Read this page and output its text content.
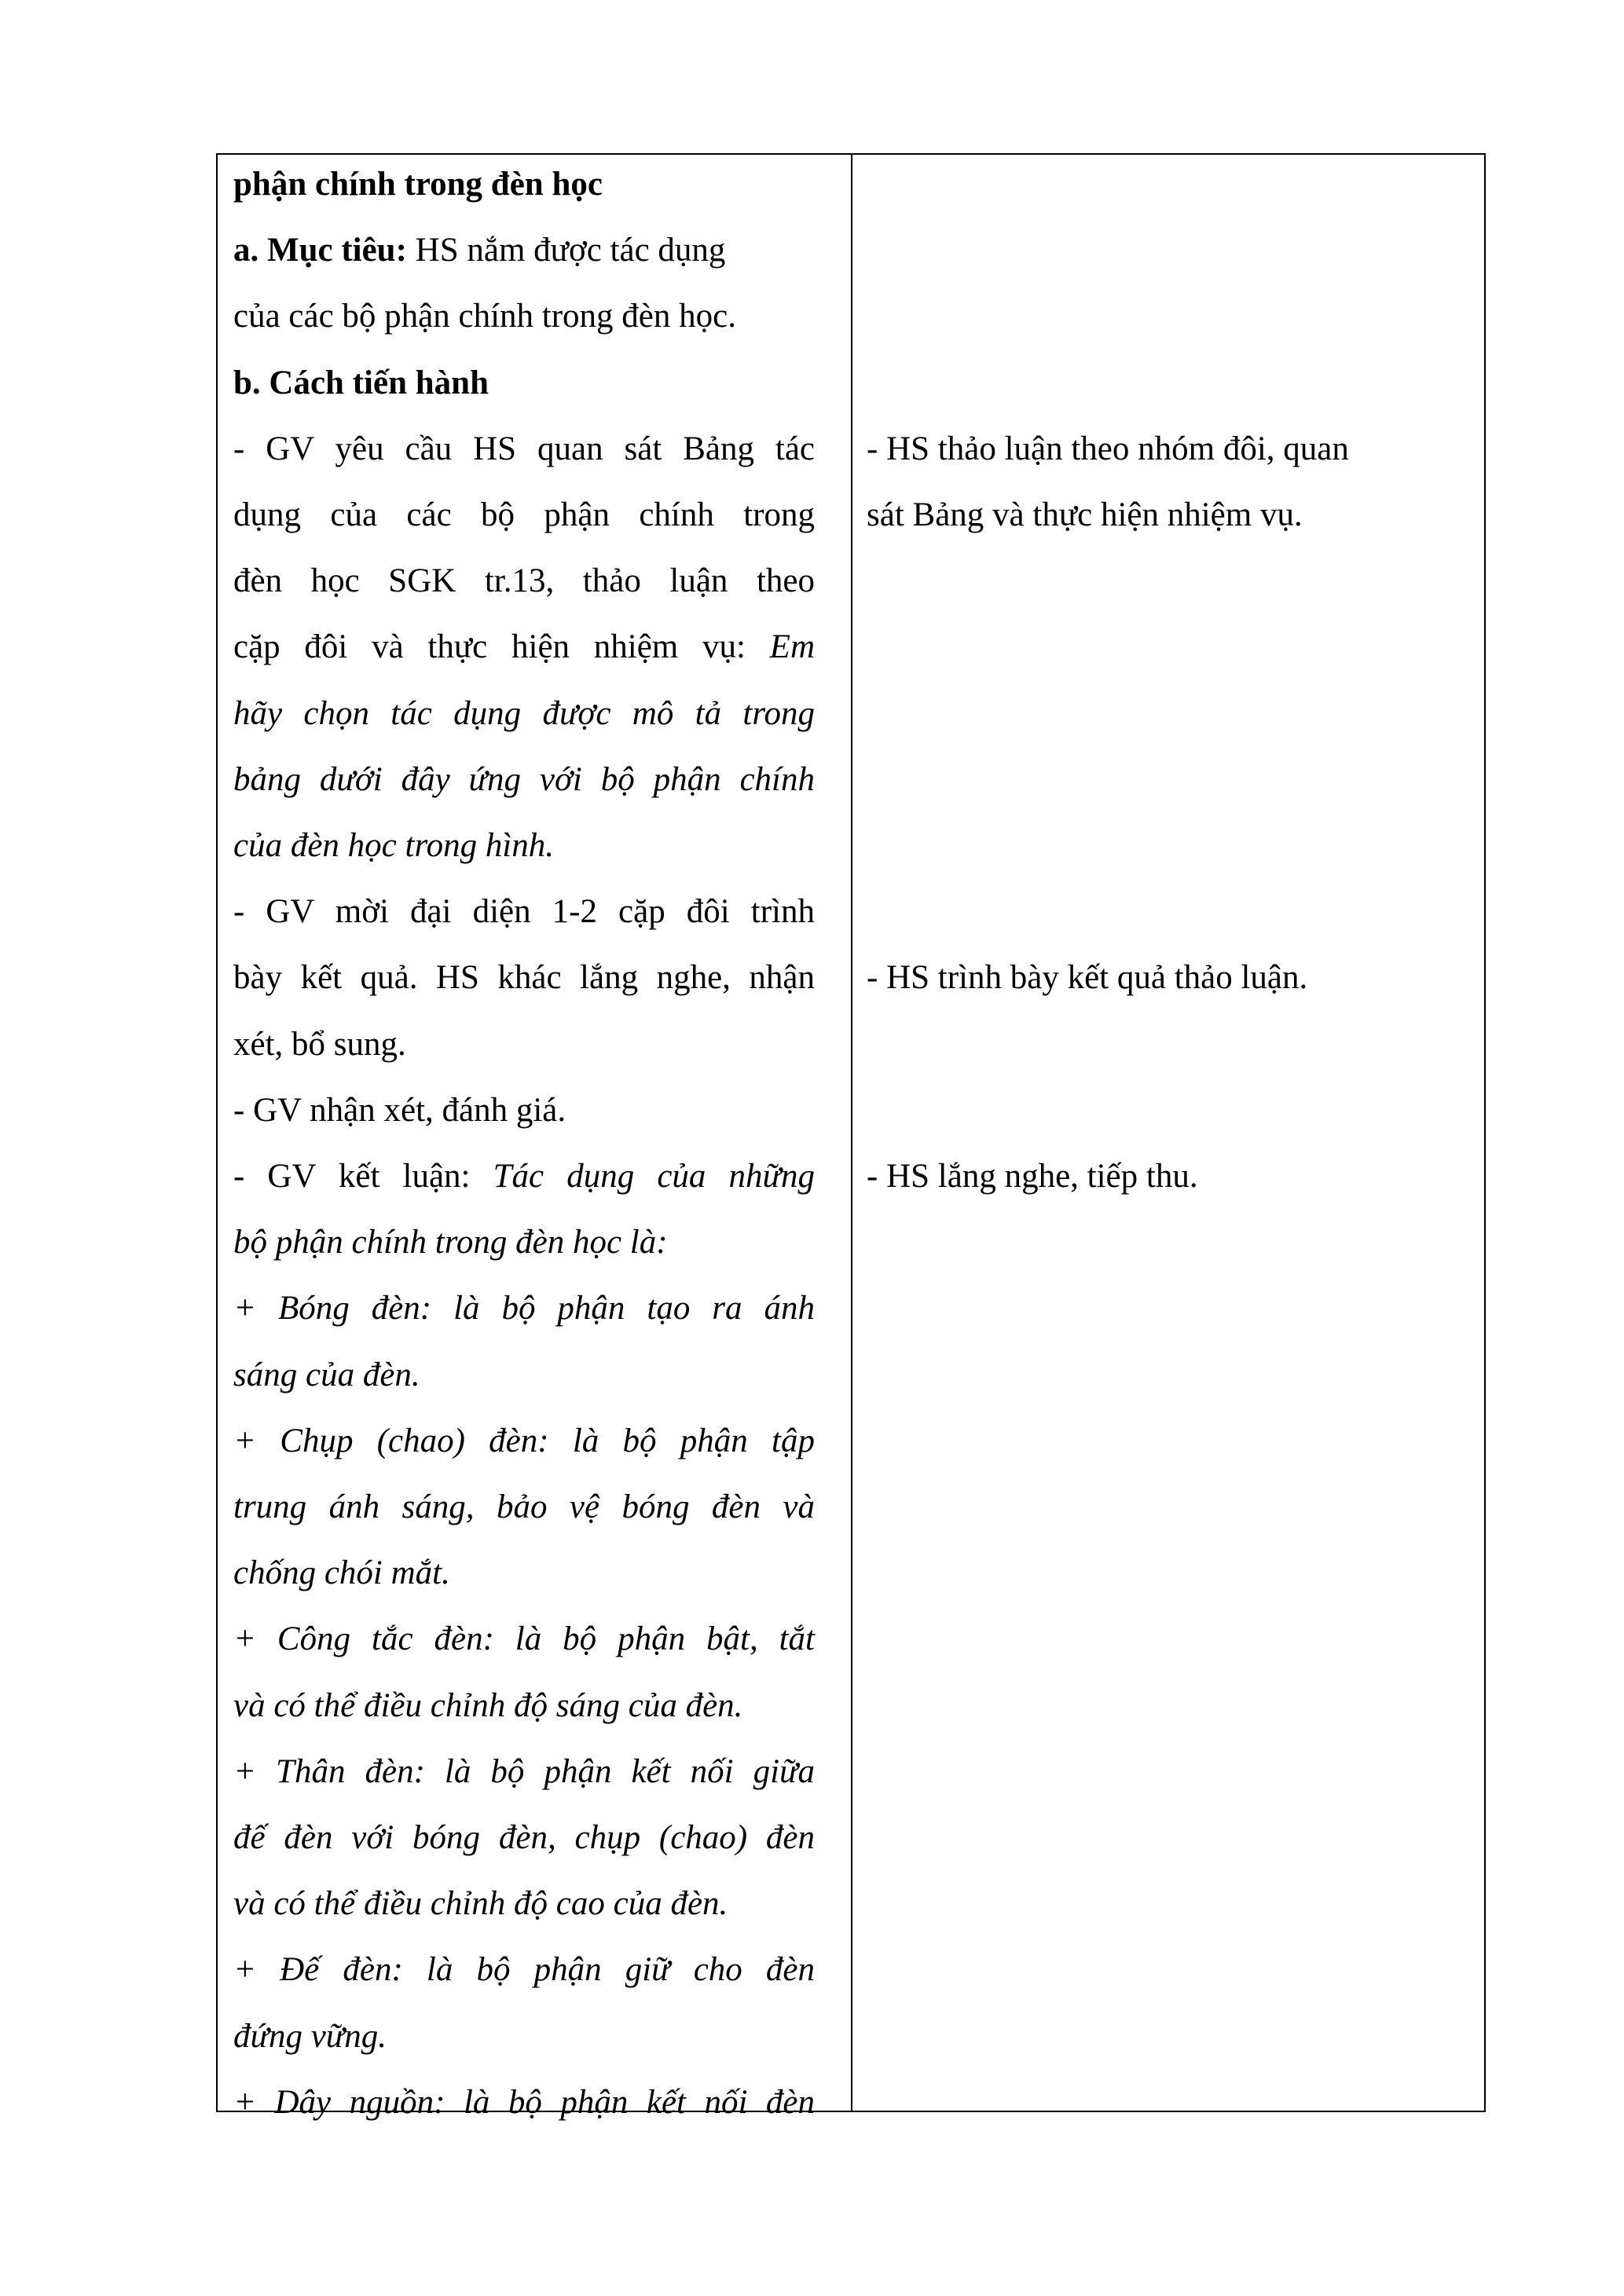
phận chính trong đèn học
a. Mục tiêu: HS nắm được tác dụng
của các bộ phận chính trong đèn học.
b. Cách tiến hành
- GV yêu cầu HS quan sát Bảng tác
dụng của các bộ phận chính trong
đèn học SGK tr.13, thảo luận theo
cặp đôi và thực hiện nhiệm vụ: Em
hãy chọn tác dụng được mô tả trong
bảng dưới đây ứng với bộ phận chính
của đèn học trong hình.
- GV mời đại diện 1-2 cặp đôi trình
bày kết quả. HS khác lắng nghe, nhận
xét, bổ sung.
- GV nhận xét, đánh giá.
- GV kết luận: Tác dụng của những
bộ phận chính trong đèn học là:
+ Bóng đèn: là bộ phận tạo ra ánh
sáng của đèn.
+ Chụp (chao) đèn: là bộ phận tập
trung ánh sáng, bảo vệ bóng đèn và
chống chói mắt.
+ Công tắc đèn: là bộ phận bật, tắt
và có thể điều chỉnh độ sáng của đèn.
+ Thân đèn: là bộ phận kết nối giữa
đế đèn với bóng đèn, chụp (chao) đèn
và có thể điều chỉnh độ cao của đèn.
+ Đế đèn: là bộ phận giữ cho đèn
đứng vững.
+ Dây nguồn: là bộ phận kết nối đèn
- HS thảo luận theo nhóm đôi, quan
sát Bảng và thực hiện nhiệm vụ.
- HS trình bày kết quả thảo luận.
- HS lắng nghe, tiếp thu.
